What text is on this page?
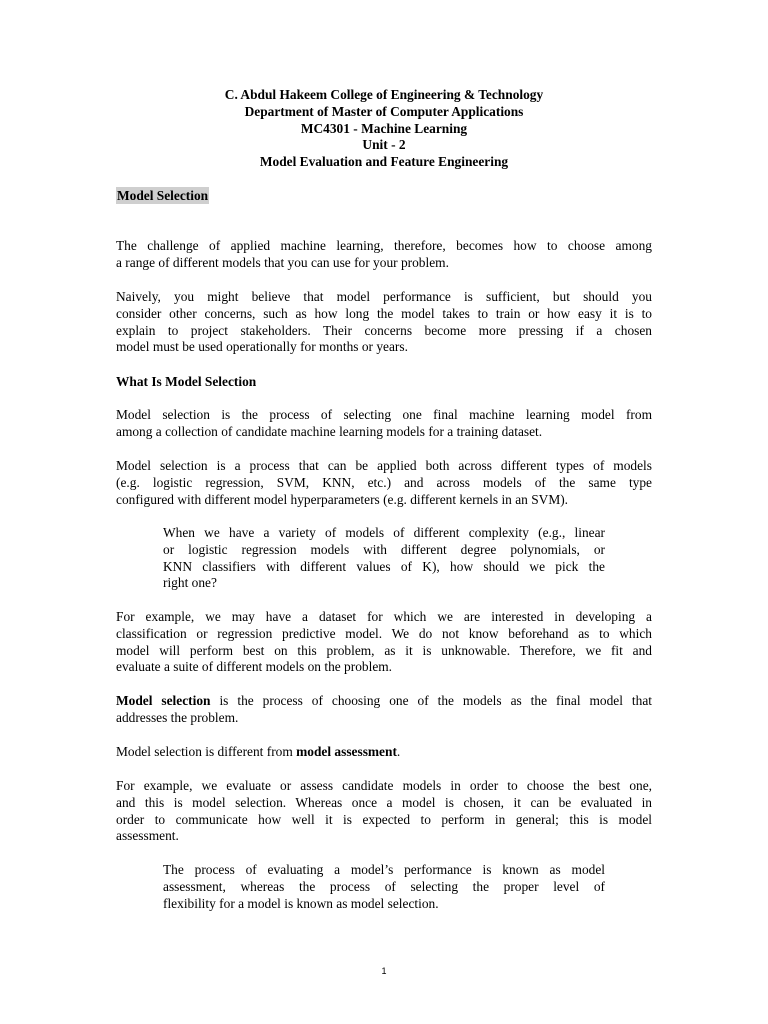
C. Abdul Hakeem College of Engineering & Technology
Department of Master of Computer Applications
MC4301 - Machine Learning
Unit - 2
Model Evaluation and Feature Engineering
Model Selection
The challenge of applied machine learning, therefore, becomes how to choose among
a range of different models that you can use for your problem.
Naively, you might believe that model performance is sufficient, but should you
consider other concerns, such as how long the model takes to train or how easy it is to
explain to project stakeholders. Their concerns become more pressing if a chosen
model must be used operationally for months or years.
What Is Model Selection
Model selection is the process of selecting one final machine learning model from
among a collection of candidate machine learning models for a training dataset.
Model selection is a process that can be applied both across different types of models
(e.g. logistic regression, SVM, KNN, etc.) and across models of the same type
configured with different model hyperparameters (e.g. different kernels in an SVM).
When we have a variety of models of different complexity (e.g., linear
or logistic regression models with different degree polynomials, or
KNN classifiers with different values of K), how should we pick the
right one?
For example, we may have a dataset for which we are interested in developing a
classification or regression predictive model. We do not know beforehand as to which
model will perform best on this problem, as it is unknowable. Therefore, we fit and
evaluate a suite of different models on the problem.
Model selection is the process of choosing one of the models as the final model that
addresses the problem.
Model selection is different from model assessment.
For example, we evaluate or assess candidate models in order to choose the best one,
and this is model selection. Whereas once a model is chosen, it can be evaluated in
order to communicate how well it is expected to perform in general; this is model
assessment.
The process of evaluating a model’s performance is known as model
assessment, whereas the process of selecting the proper level of
flexibility for a model is known as model selection.
1
